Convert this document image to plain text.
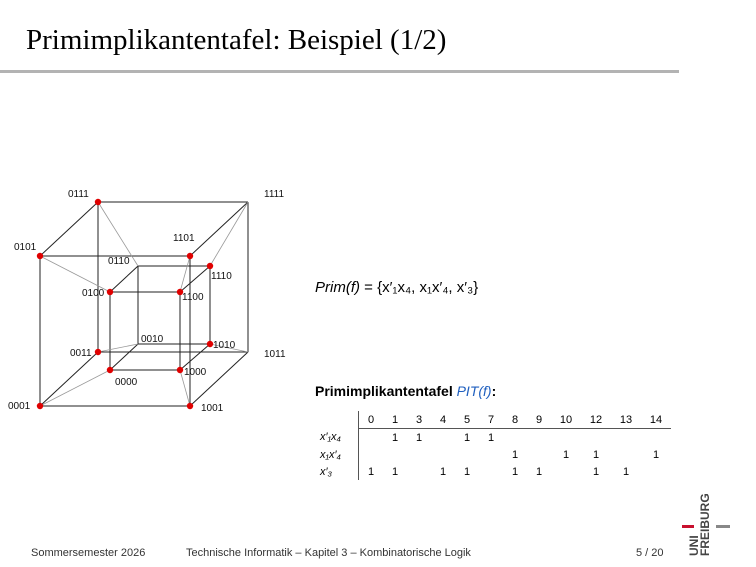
Primimplikantentafel: Beispiel (1/2)
0111	1111
0101
1101
0110
1110
0100	1100
0010
1010
0011	1011
1000
0000
0001	1001
Prim(f) = {x′₁x₄, x₁x′₄, x′₃}
Primimplikantentafel PIT(f):
	0	1	3	4	5	7	8	9	10	12	13	14
x′₁x₄		1	1		1	1						
x₁x′₄							1		1	1		1
x′₃	1	1		1	1		1	1		1	1	
Sommersemester 2026	Technische Informatik – Kapitel 3 – Kombinatorische Logik	5 / 20	FREIBURG
UNI
